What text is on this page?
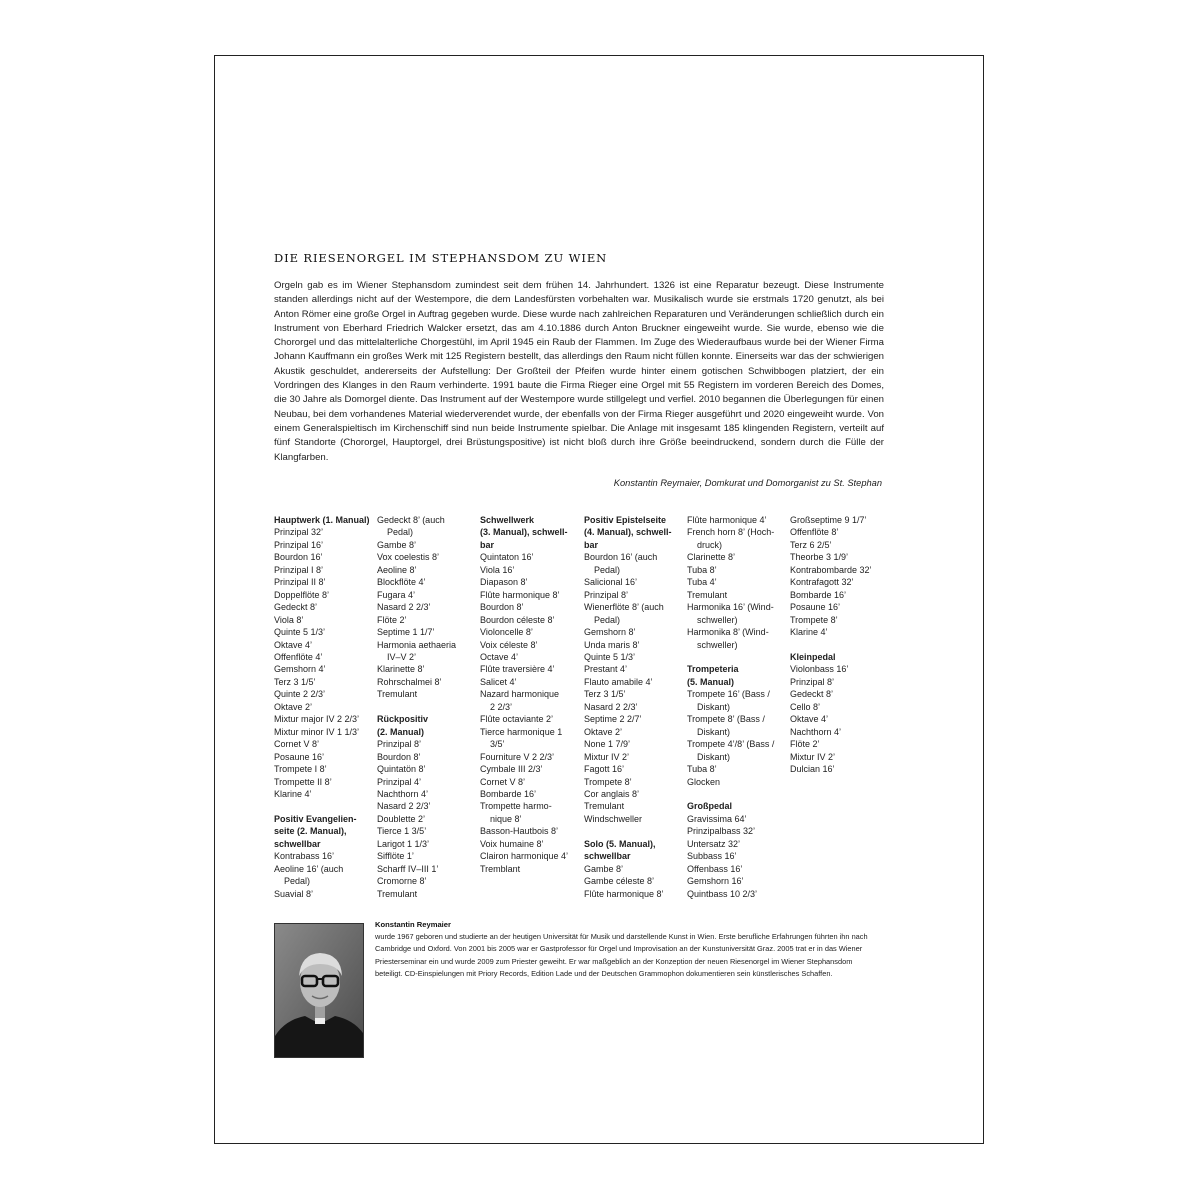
DIE RIESENORGEL IM STEPHANSDOM ZU WIEN

Orgeln gab es im Wiener Stephansdom zumindest seit dem frühen 14. Jahrhundert. 1326 ist eine Reparatur bezeugt. Diese Instrumente standen allerdings nicht auf der Westempore, die dem Landesfürsten vorbehalten war. Musikalisch wurde sie erstmals 1720 genutzt, als bei Anton Römer eine große Orgel in Auftrag gegeben wurde. Diese wurde nach zahlreichen Reparaturen und Veränderungen schließlich durch ein Instrument von Eberhard Friedrich Walcker ersetzt, das am 4.10.1886 durch Anton Bruckner eingeweiht wurde. Sie wurde, ebenso wie die Chororgel und das mittelalterliche Chorgestühl, im April 1945 ein Raub der Flammen. Im Zuge des Wiederaufbaus wurde bei der Wiener Firma Johann Kauffmann ein großes Werk mit 125 Registern bestellt, das allerdings den Raum nicht füllen konnte. Einerseits war das der schwierigen Akustik geschuldet, andererseits der Aufstellung: Der Großteil der Pfeifen wurde hinter einem gotischen Schwibbogen platziert, der ein Vordringen des Klanges in den Raum verhinderte. 1991 baute die Firma Rieger eine Orgel mit 55 Registern im vorderen Bereich des Domes, die 30 Jahre als Domorgel diente. Das Instrument auf der Westempore wurde stillgelegt und verfiel. 2010 begannen die Überlegungen für einen Neubau, bei dem vorhandenes Material wiederverendet wurde, der ebenfalls von der Firma Rieger ausgeführt und 2020 eingeweiht wurde. Von einem Generalspieltisch im Kirchenschiff sind nun beide Instrumente spielbar. Die Anlage mit insgesamt 185 klingenden Registern, verteilt auf fünf Standorte (Chororgel, Hauptorgel, drei Brüstungspositive) ist nicht bloß durch ihre Größe beeindruckend, sondern durch die Fülle der Klangfarben.

Konstantin Reymaier, Domkurat und Domorganist zu St. Stephan
Hauptwerk (1. Manual)
Prinzipal 32’
Prinzipal 16’
Bourdon 16’
Prinzipal I 8’
Prinzipal II 8’
Doppelflöte 8’
Gedeckt 8’
Viola 8’
Quinte 5 1/3’
Oktave 4’
Offenflöte 4’
Gemshorn 4’
Terz 3 1/5’
Quinte 2 2/3’
Oktave 2’
Mixtur major IV 2 2/3’
Mixtur minor IV 1 1/3’
Cornet V 8’
Posaune 16’
Trompete I 8’
Trompette II 8’
Klarine 4’
Positiv Evangelien-
seite (2. Manual),
schwellbar
Kontrabass 16’
Aeoline 16’ (auch
Pedal)
Suavial 8’
Gedeckt 8’ (auch
Pedal)
Gambe 8’
Vox coelestis 8’
Aeoline 8’
Blockflöte 4’
Fugara 4’
Nasard 2 2/3’
Flöte 2’
Septime 1 1/7’
Harmonia aethaeria
IV–V 2’
Klarinette 8’
Rohrschalmei 8’
Tremulant
Rückpositiv
(2. Manual)
Prinzipal 8’
Bourdon 8’
Quintatön 8’
Prinzipal 4’
Nachthorn 4’
Nasard 2 2/3’
Doublette 2’
Tierce 1 3/5’
Larigot 1 1/3’
Sifflöte 1’
Scharff IV–III 1’
Cromorne 8’
Tremulant
Schwellwerk
(3. Manual), schwell-
bar
Quintaton 16’
Viola 16’
Diapason 8’
Flûte harmonique 8’
Bourdon 8’
Bourdon céleste 8’
Violoncelle 8’
Voix céleste 8’
Octave 4’
Flûte traversière 4’
Salicet 4’
Nazard harmonique
2 2/3’
Flûte octaviante 2’
Tierce harmonique 1
3/5’
Fourniture V 2 2/3’
Cymbale III 2/3’
Cornet V 8’
Bombarde 16’
Trompette harmo-
nique 8’
Basson-Hautbois 8’
Voix humaine 8’
Clairon harmonique 4’
Tremblant
Positiv Epistelseite
(4. Manual), schwell-
bar
Bourdon 16’ (auch
Pedal)
Salicional 16’
Prinzipal 8’
Wienerflöte 8’ (auch
Pedal)
Gemshorn 8’
Unda maris 8’
Quinte 5 1/3’
Prestant 4’
Flauto amabile 4’
Terz 3 1/5’
Nasard 2 2/3’
Septime 2 2/7’
Oktave 2’
None 1 7/9’
Mixtur IV 2’
Fagott 16’
Trompete 8’
Cor anglais 8’
Tremulant
Windschweller
Solo (5. Manual),
schwellbar
Gambe 8’
Gambe céleste 8’
Flûte harmonique 8’
Flûte harmonique 4’
French horn 8’ (Hoch-
druck)
Clarinette 8’
Tuba 8’
Tuba 4’
Tremulant
Harmonika 16’ (Wind-
schweller)
Harmonika 8’ (Wind-
schweller)
Trompeteria
(5. Manual)
Trompete 16’ (Bass /
Diskant)
Trompete 8’ (Bass /
Diskant)
Trompete 4’/8’ (Bass /
Diskant)
Tuba 8’
Glocken
Großpedal
Gravissima 64’
Prinzipalbass 32’
Untersatz 32’
Subbass 16’
Offenbass 16’
Gemshorn 16’
Quintbass 10 2/3’
Großseptime 9 1/7’
Offenflöte 8’
Terz 6 2/5’
Theorbe 3 1/9’
Kontrabombarde 32’
Kontrafagott 32’
Bombarde 16’
Posaune 16’
Trompete 8’
Klarine 4’
Kleinpedal
Violonbass 16’
Prinzipal 8’
Gedeckt 8’
Cello 8’
Oktave 4’
Nachthorn 4’
Flöte 2’
Mixtur IV 2’
Dulcian 16’
Konstantin Reymaier
wurde 1967 geboren und studierte an der heutigen Universität für Musik und darstellende Kunst in Wien. Erste berufliche Erfahrungen führten ihn nach Cambridge und Oxford. Von 2001 bis 2005 war er Gastprofessor für Orgel und Improvisation an der Kunstuniversität Graz. 2005 trat er in das Wiener Priesterseminar ein und wurde 2009 zum Priester geweiht. Er war maßgeblich an der Konzeption der neuen Riesenorgel im Wiener Stephansdom beteiligt. CD-Einspielungen mit Priory Records, Edition Lade und der Deutschen Grammophon dokumentieren sein künstlerisches Schaffen.
